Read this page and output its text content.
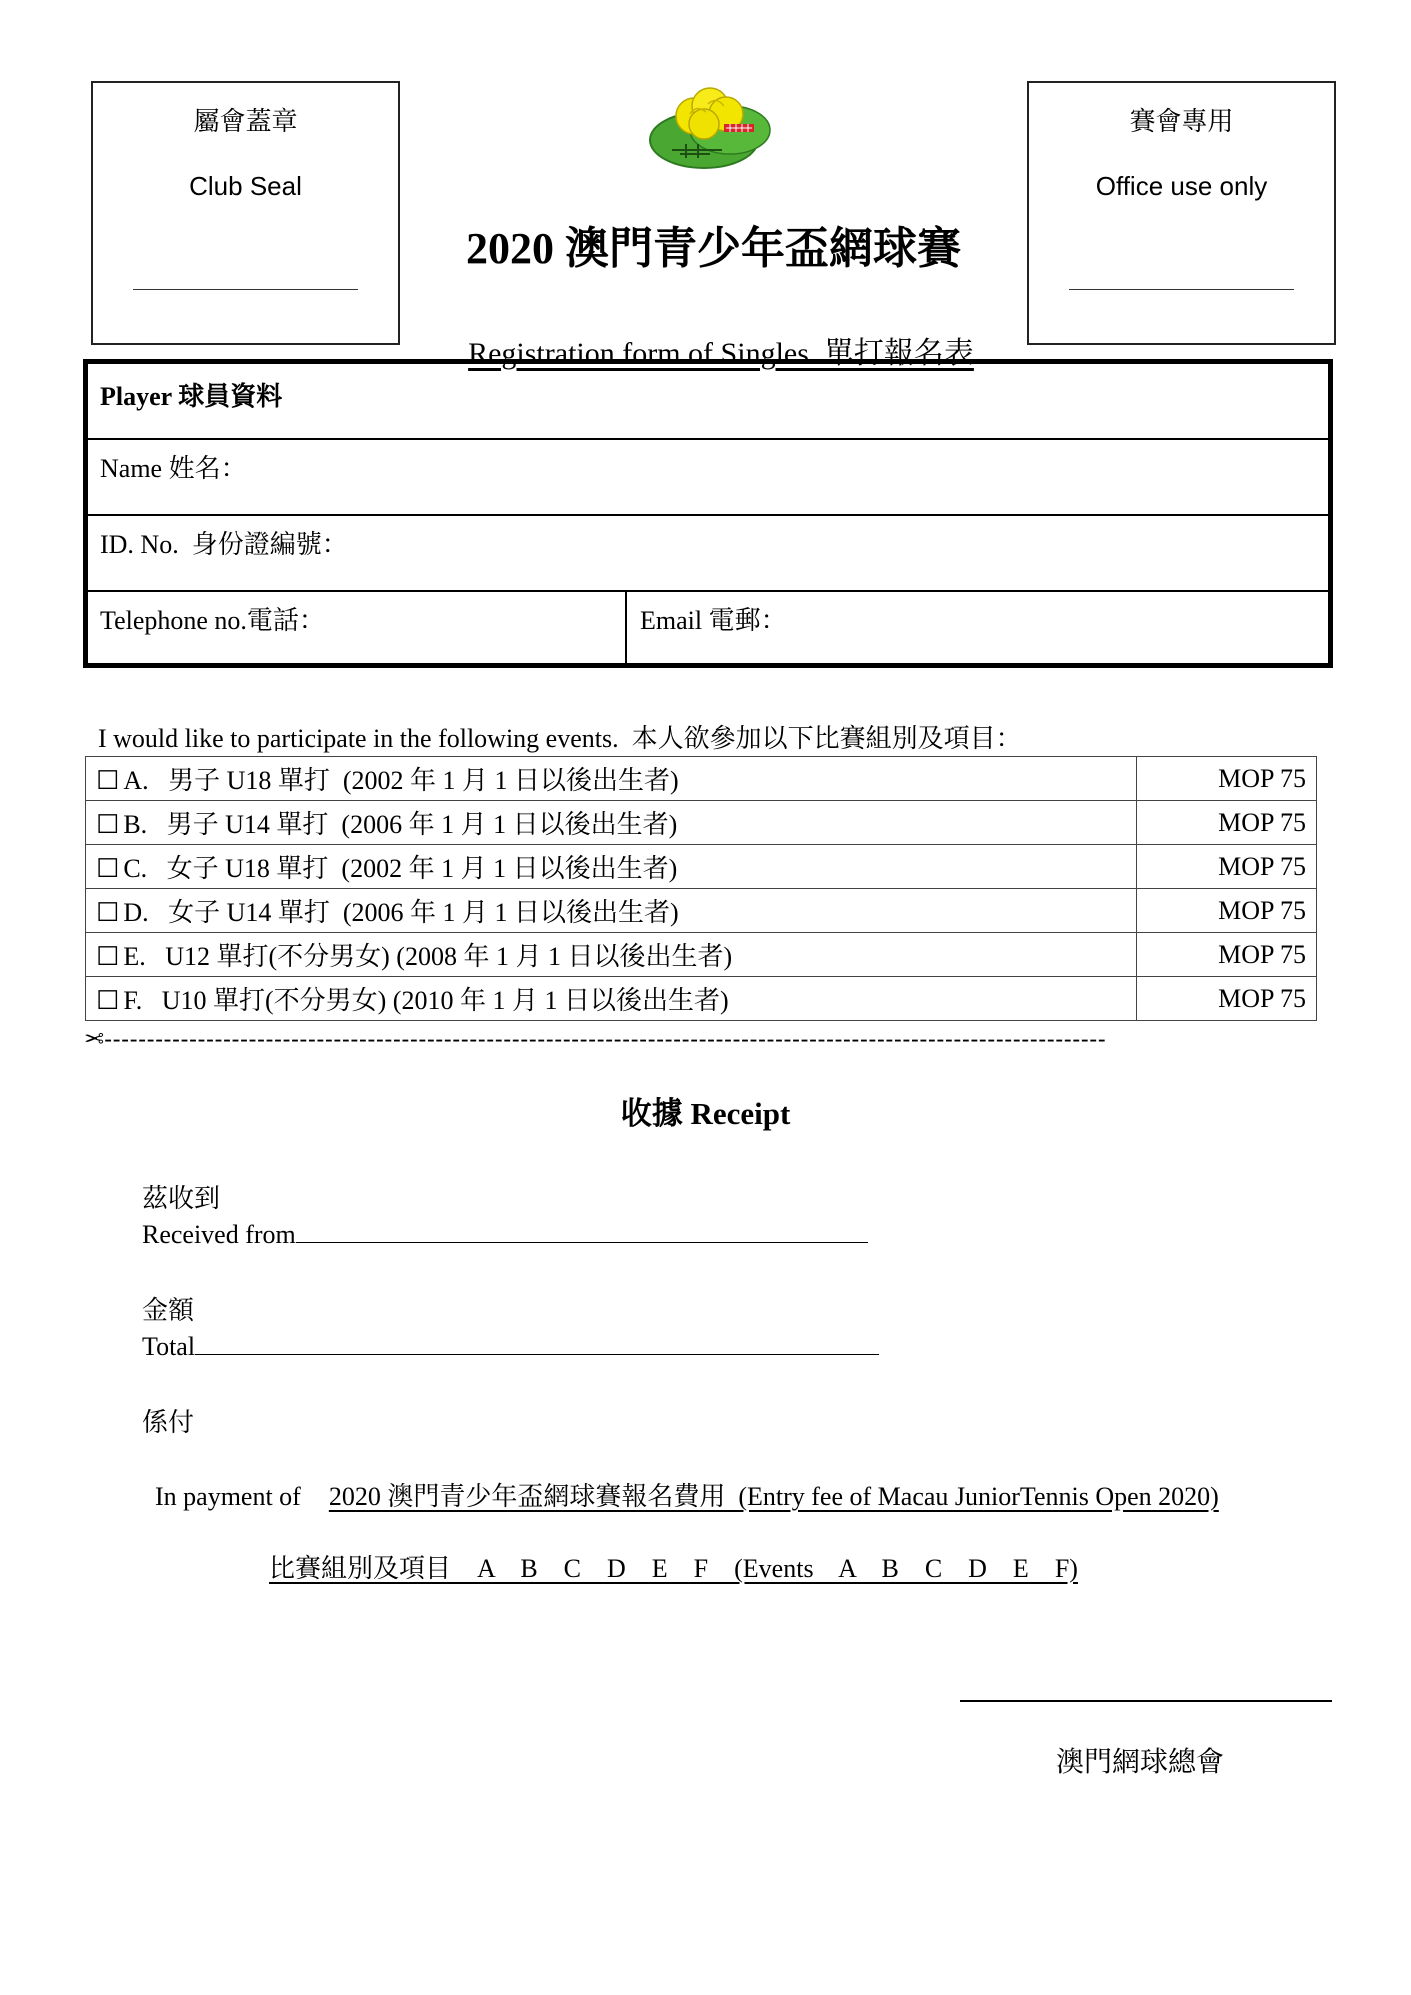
屬會蓋章
Club Seal
賽會專用
Office use only
2020 澳門青少年盃網球賽

Registration form of Singles  單打報名表

Player 球員資料
Name 姓名：
ID. No.  身份證編號：
Telephone no.電話：	Email 電郵：
I would like to participate in the following events.  本人欲參加以下比賽組別及項目：
☐ A.   男子 U18 單打  (2002 年 1 月 1 日以後出生者)	MOP 75
☐ B.   男子 U14 單打  (2006 年 1 月 1 日以後出生者)	MOP 75
☐ C.   女子 U18 單打  (2002 年 1 月 1 日以後出生者)	MOP 75
☐ D.   女子 U14 單打  (2006 年 1 月 1 日以後出生者)	MOP 75
☐ E.   U12 單打(不分男女) (2008 年 1 月 1 日以後出生者)	MOP 75
☐ F.   U10 單打(不分男女) (2010 年 1 月 1 日以後出生者)	MOP 75
✂----------------------------------------------------------------------------------------------------------------------
收據 Receipt
茲收到
Received from
金額
Total
係付

In payment of 2020 澳門青少年盃網球賽報名費用  (Entry fee of Macau JuniorTennis Open 2020)

比賽組別及項目    A    B    C    D    E    F    (Events    A    B    C    D    E    F)

澳門網球總會
